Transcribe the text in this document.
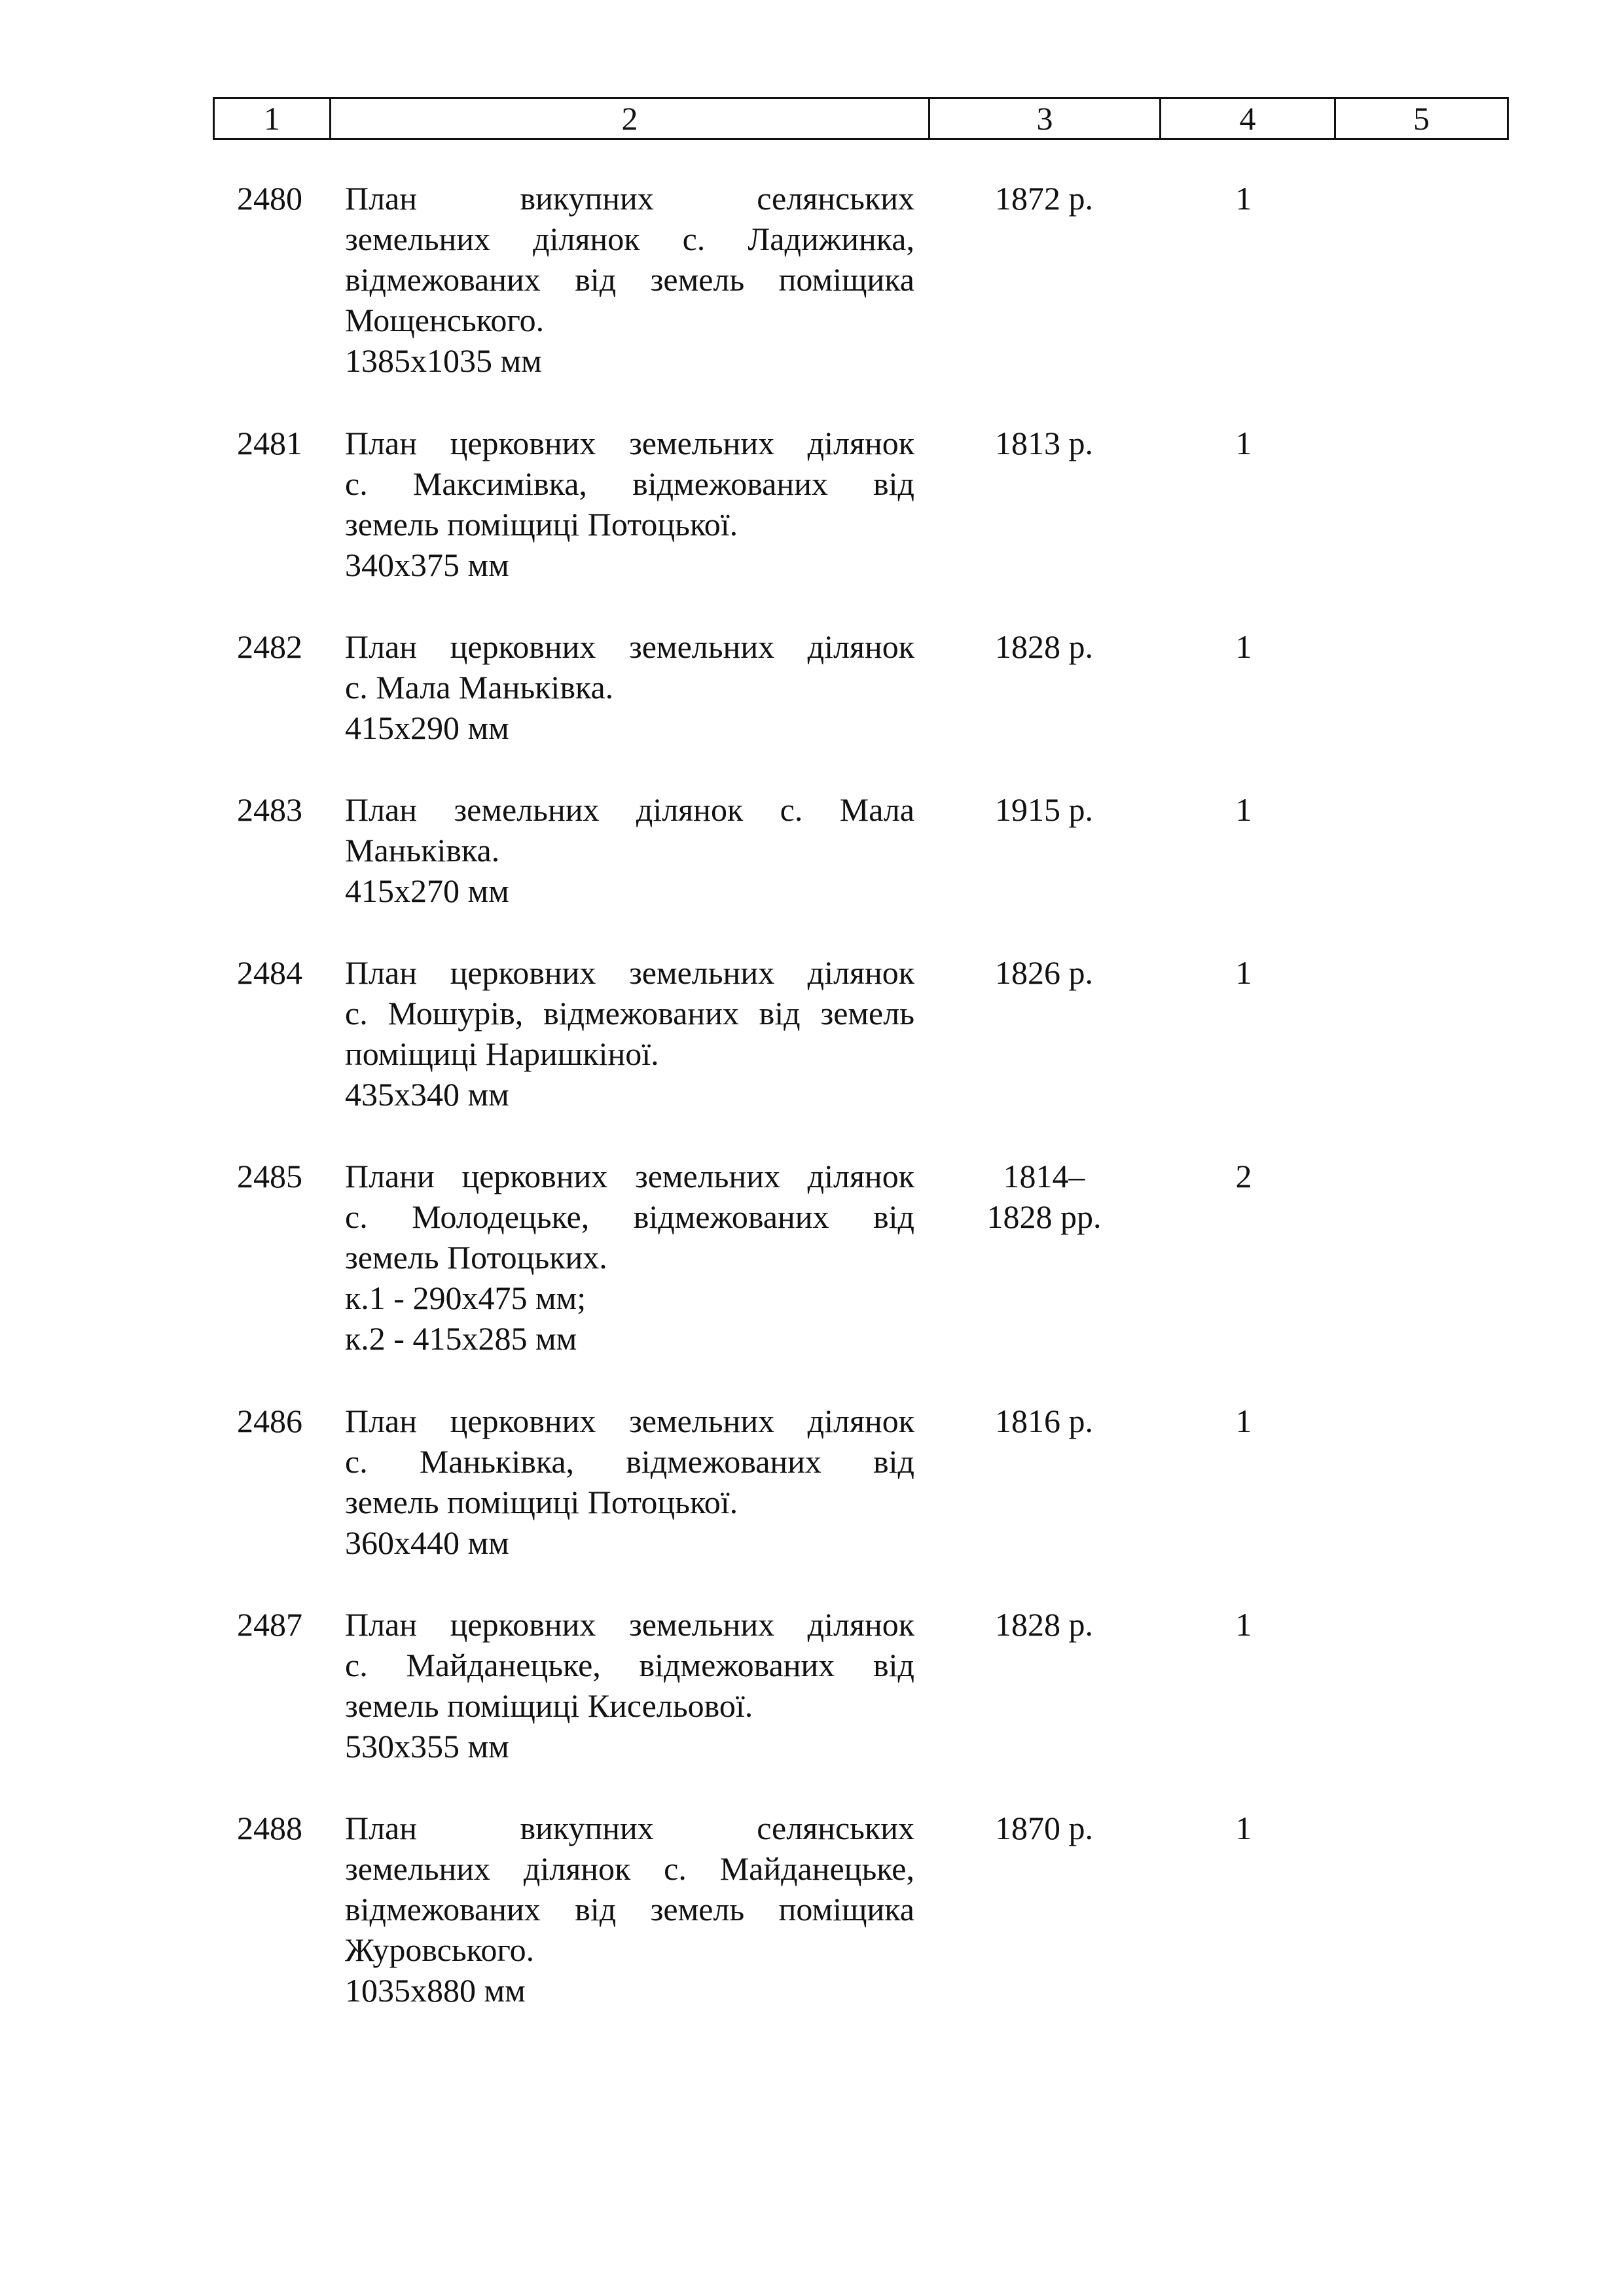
1	2	3	4	5
2480	План викупних селянських
земельних ділянок с. Ладижинка,
відмежованих від земель поміщика
Мощенського.
1385х1035 мм
1872 р.	1
2481	План церковних земельних ділянок
с. Максимівка, відмежованих від
земель поміщиці Потоцької.
340х375 мм
1813 р.	1
2482	План церковних земельних ділянок
с. Мала Маньківка.
415х290 мм
1828 р.	1
2483	План земельних ділянок с. Мала
Маньківка.
415х270 мм
1915 р.	1
2484	План церковних земельних ділянок
с. Мошурів, відмежованих від земель
поміщиці Наришкіної.
435х340 мм
1826 р.	1
2485	Плани церковних земельних ділянок
с. Молодецьке, відмежованих від
земель Потоцьких.
к.1 - 290х475 мм;
к.2 - 415х285 мм
1814–
1828 рр.
2
2486	План церковних земельних ділянок
с. Маньківка, відмежованих від
земель поміщиці Потоцької.
360х440 мм
1816 р.	1
2487	План церковних земельних ділянок
с. Майданецьке, відмежованих від
земель поміщиці Кисельової.
530х355 мм
1828 р.	1
2488	План викупних селянських
земельних ділянок с. Майданецьке,
відмежованих від земель поміщика
Журовського.
1035х880 мм
1870 р.	1
